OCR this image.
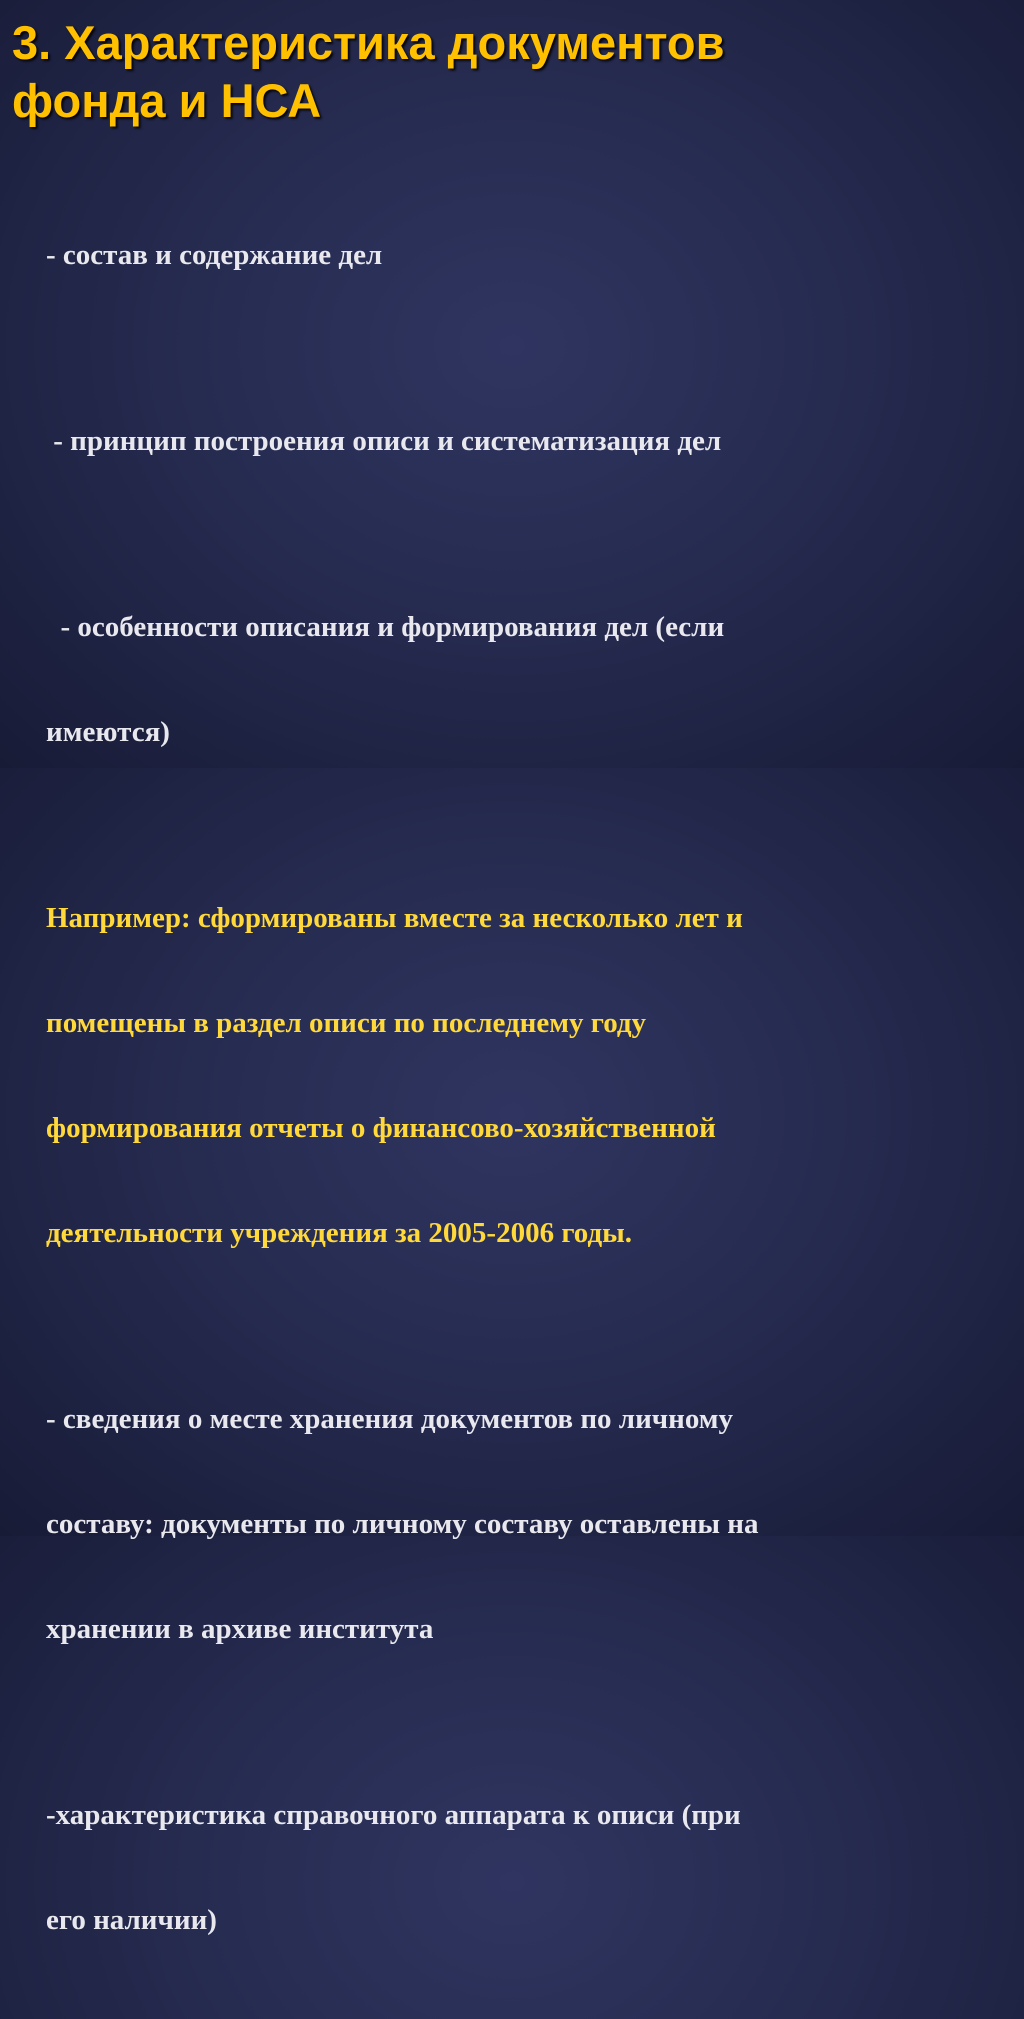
3. Характеристика документов
фонда и НСА

- состав и содержание дел

- принцип построения описи и систематизация дел

- особенности описания и формирования дел (если

имеются)

Например: сформированы вместе за несколько лет и

помещены в раздел описи по последнему году

формирования отчеты о финансово-хозяйственной

деятельности учреждения за 2005-2006 годы.

- сведения о месте хранения документов по личному

составу: документы по личному составу оставлены на

хранении в архиве института

-характеристика справочного аппарата к описи (при

его наличии)
